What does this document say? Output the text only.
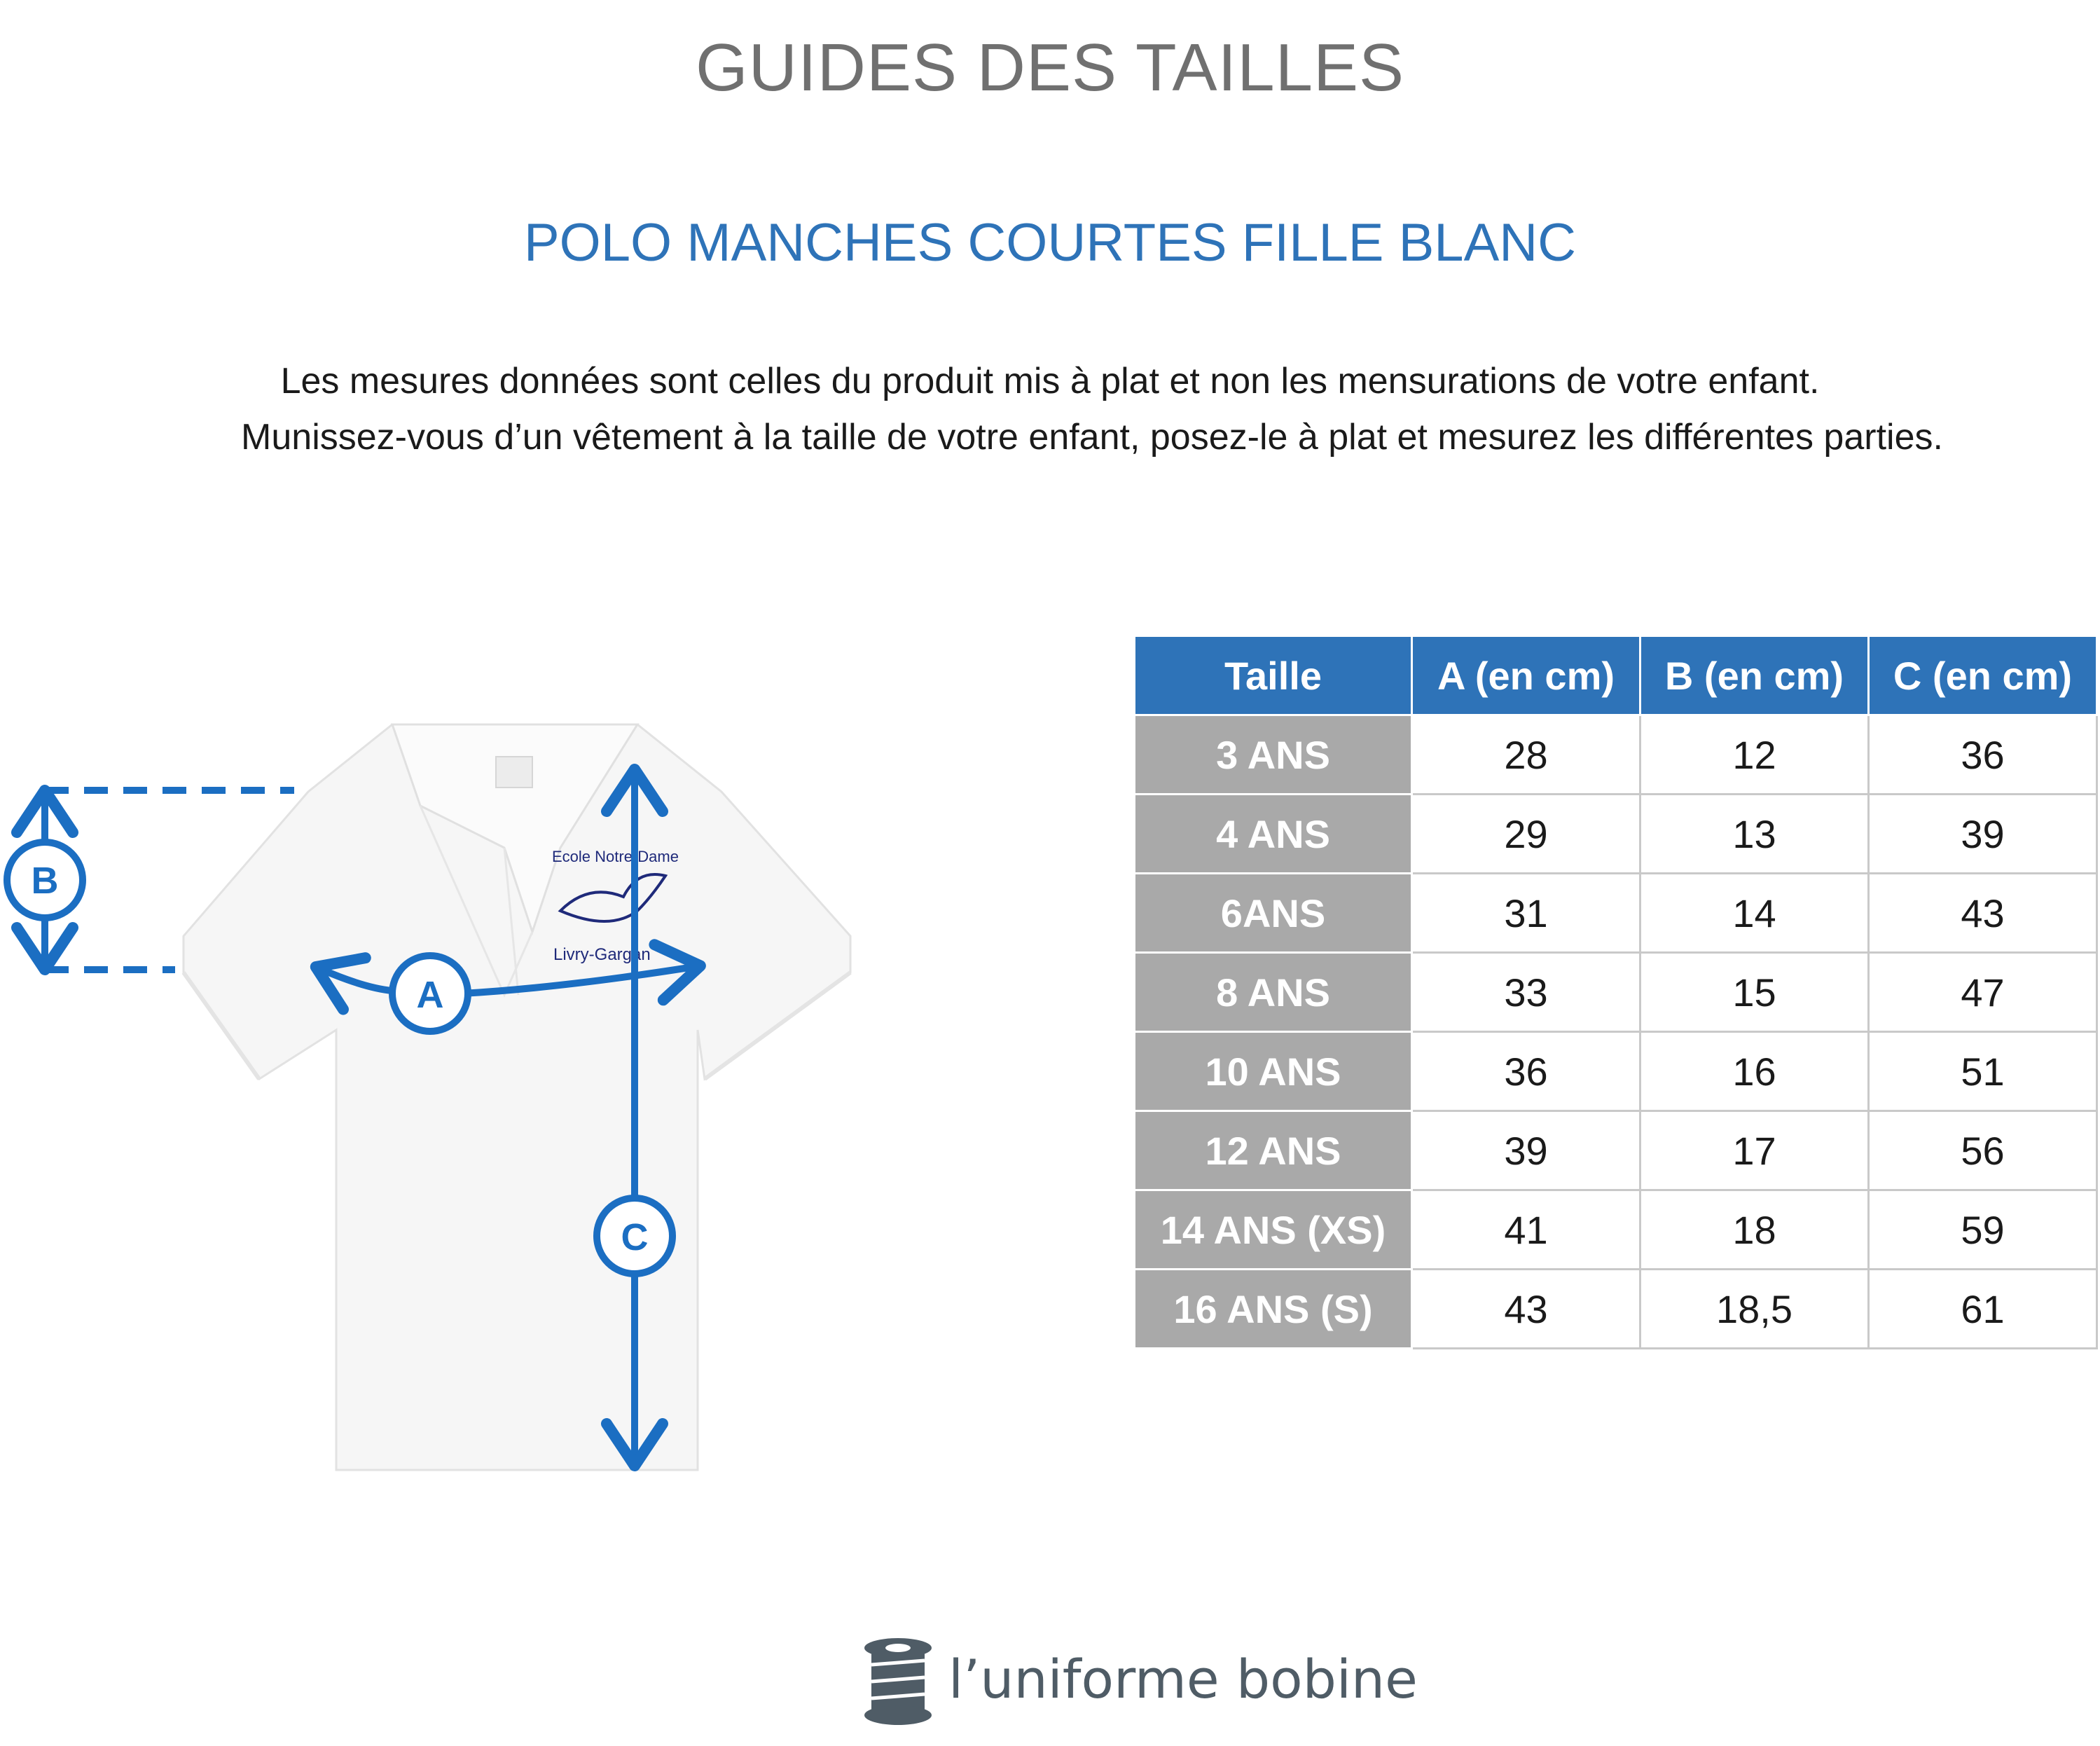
GUIDES DES TAILLES
POLO MANCHES COURTES FILLE BLANC
Les mesures données sont celles du produit mis à plat et non les mensurations de votre enfant.
Munissez-vous d’un vêtement à la taille de votre enfant, posez-le à plat et mesurez les différentes parties.
Ecole Notre-Dame
Livry-Gargan
B
A
C
Taille	A (en cm)	B (en cm)	C (en cm)
3 ANS	28	12	36
4 ANS	29	13	39
6ANS	31	14	43
8 ANS	33	15	47
10 ANS	36	16	51
12 ANS	39	17	56
14 ANS (XS)	41	18	59
16 ANS (S)	43	18,5	61
l’uniforme bobine
